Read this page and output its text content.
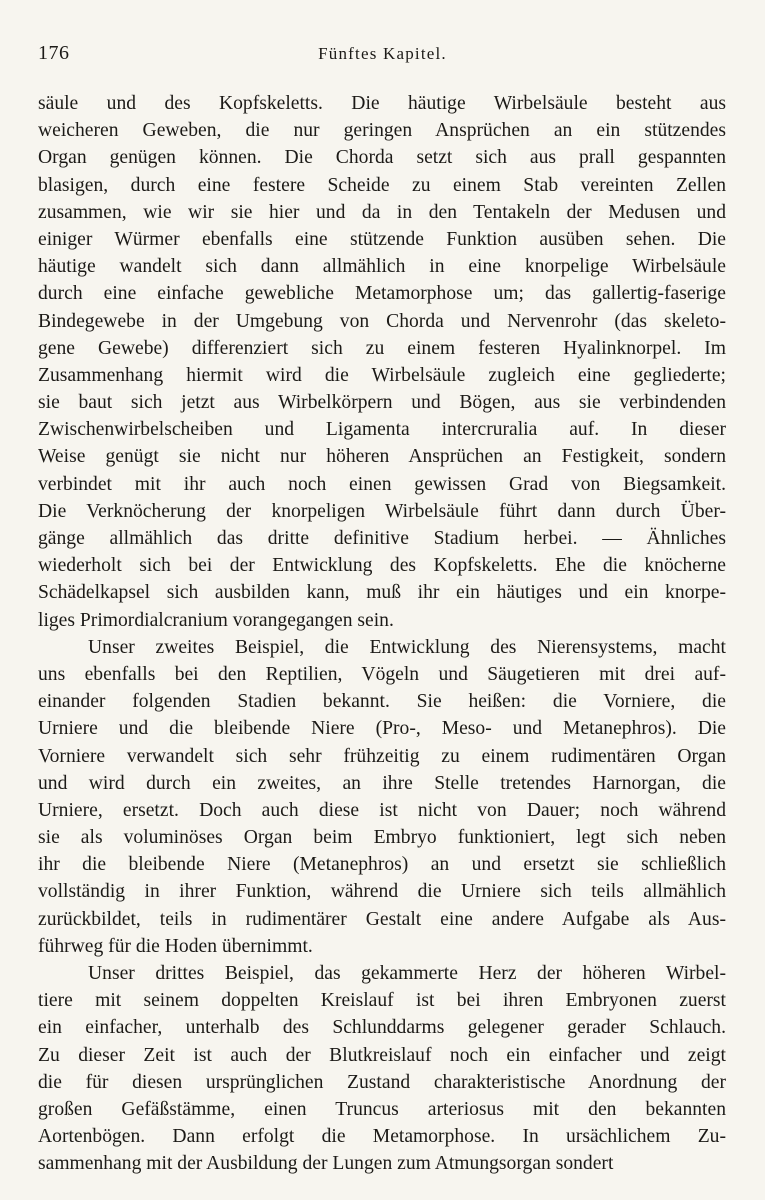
176	Fünftes Kapitel.
säule und des Kopfskeletts. Die häutige Wirbelsäule besteht aus
weicheren Geweben, die nur geringen Ansprüchen an ein stützendes
Organ genügen können. Die Chorda setzt sich aus prall gespannten
blasigen, durch eine festere Scheide zu einem Stab vereinten Zellen
zusammen, wie wir sie hier und da in den Tentakeln der Medusen und
einiger Würmer ebenfalls eine stützende Funktion ausüben sehen. Die
häutige wandelt sich dann allmählich in eine knorpelige Wirbelsäule
durch eine einfache gewebliche Metamorphose um; das gallertig-faserige
Bindegewebe in der Umgebung von Chorda und Nervenrohr (das skeleto-
gene Gewebe) differenziert sich zu einem festeren Hyalinknorpel. Im
Zusammenhang hiermit wird die Wirbelsäule zugleich eine gegliederte;
sie baut sich jetzt aus Wirbelkörpern und Bögen, aus sie verbindenden
Zwischenwirbelscheiben und Ligamenta intercruralia auf. In dieser
Weise genügt sie nicht nur höheren Ansprüchen an Festigkeit, sondern
verbindet mit ihr auch noch einen gewissen Grad von Biegsamkeit.
Die Verknöcherung der knorpeligen Wirbelsäule führt dann durch Über-
gänge allmählich das dritte definitive Stadium herbei. — Ähnliches
wiederholt sich bei der Entwicklung des Kopfskeletts. Ehe die knöcherne
Schädelkapsel sich ausbilden kann, muß ihr ein häutiges und ein knorpe-
liges Primordialcranium vorangegangen sein.
Unser zweites Beispiel, die Entwicklung des Nierensystems, macht
uns ebenfalls bei den Reptilien, Vögeln und Säugetieren mit drei auf-
einander folgenden Stadien bekannt. Sie heißen: die Vorniere, die
Urniere und die bleibende Niere (Pro-, Meso- und Metanephros). Die
Vorniere verwandelt sich sehr frühzeitig zu einem rudimentären Organ
und wird durch ein zweites, an ihre Stelle tretendes Harnorgan, die
Urniere, ersetzt. Doch auch diese ist nicht von Dauer; noch während
sie als voluminöses Organ beim Embryo funktioniert, legt sich neben
ihr die bleibende Niere (Metanephros) an und ersetzt sie schließlich
vollständig in ihrer Funktion, während die Urniere sich teils allmählich
zurückbildet, teils in rudimentärer Gestalt eine andere Aufgabe als Aus-
führweg für die Hoden übernimmt.
Unser drittes Beispiel, das gekammerte Herz der höheren Wirbel-
tiere mit seinem doppelten Kreislauf ist bei ihren Embryonen zuerst
ein einfacher, unterhalb des Schlunddarms gelegener gerader Schlauch.
Zu dieser Zeit ist auch der Blutkreislauf noch ein einfacher und zeigt
die für diesen ursprünglichen Zustand charakteristische Anordnung der
großen Gefäßstämme, einen Truncus arteriosus mit den bekannten
Aortenbögen. Dann erfolgt die Metamorphose. In ursächlichem Zu-
sammenhang mit der Ausbildung der Lungen zum Atmungsorgan sondert
